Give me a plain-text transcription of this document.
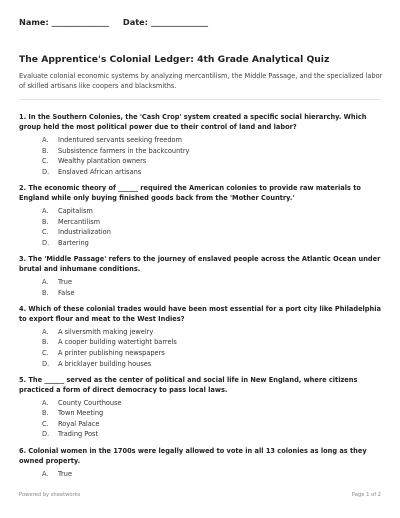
Name: ______________ Date: ______________
The Apprentice's Colonial Ledger: 4th Grade Analytical Quiz
Evaluate colonial economic systems by analyzing mercantilism, the Middle Passage, and the specialized labor of skilled artisans like coopers and blacksmiths.
1. In the Southern Colonies, the 'Cash Crop' system created a specific social hierarchy. Which group held the most political power due to their control of land and labor?
A.	Indentured servants seeking freedom
B.	Subsistence farmers in the backcountry
C.	Wealthy plantation owners
D.	Enslaved African artisans
2. The economic theory of ______ required the American colonies to provide raw materials to England while only buying finished goods back from the 'Mother Country.'
A.	Capitalism
B.	Mercantilism
C.	Industrialization
D.	Bartering
3. The 'Middle Passage' refers to the journey of enslaved people across the Atlantic Ocean under brutal and inhumane conditions.
A.	True
B.	False
4. Which of these colonial trades would have been most essential for a port city like Philadelphia to export flour and meat to the West Indies?
A.	A silversmith making jewelry
B.	A cooper building watertight barrels
C.	A printer publishing newspapers
D.	A bricklayer building houses
5. The ______ served as the center of political and social life in New England, where citizens practiced a form of direct democracy to pass local laws.
A.	County Courthouse
B.	Town Meeting
C.	Royal Palace
D.	Trading Post
6. Colonial women in the 1700s were legally allowed to vote in all 13 colonies as long as they owned property.
A.	True
Powered by sheetworks	Page 1 of 2
